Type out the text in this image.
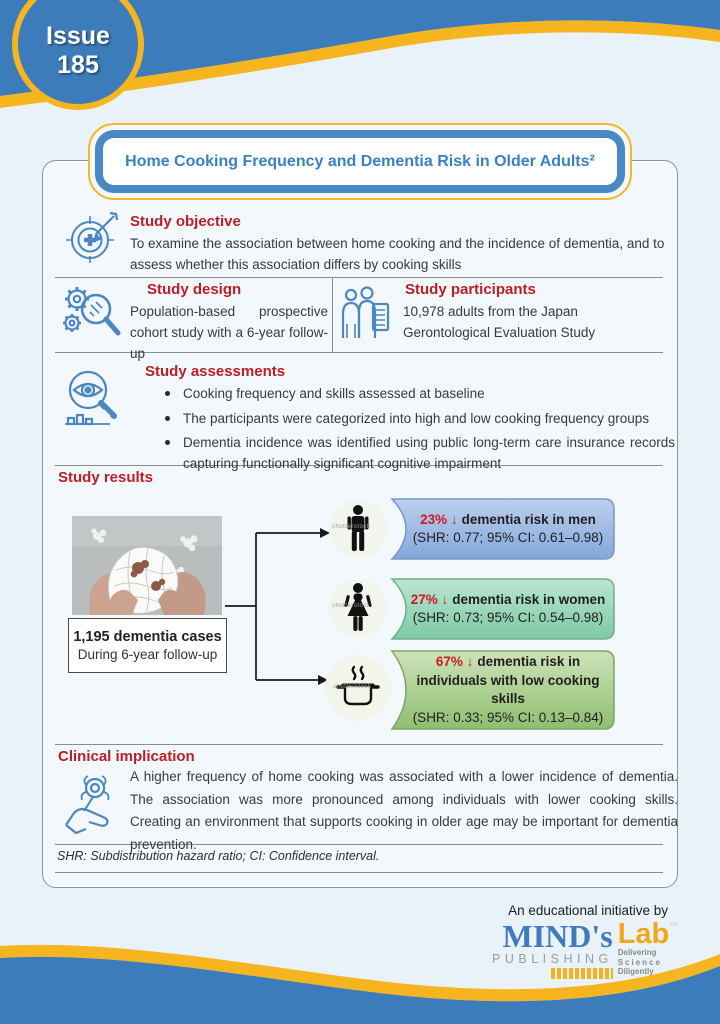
Issue
185
Home Cooking Frequency and Dementia Risk in Older Adults²
Study objective
To examine the association between home cooking and the incidence of dementia, and to assess whether this association differs by cooking skills
Study design
Population-based prospective cohort study with a 6-year follow-up
Study participants
10,978 adults from the Japan Gerontological Evaluation Study
Study assessments
Cooking frequency and skills assessed at baseline
The participants were categorized into high and low cooking frequency groups
Dementia incidence was identified using public long-term care insurance records capturing functionally significant cognitive impairment
Study results
1,195 dementia cases
During 6-year follow-up
shutterstock
shutterstock
shutterstock
23% ↓ dementia risk in men
(SHR: 0.77; 95% CI: 0.61–0.98)
27% ↓ dementia risk in women
(SHR: 0.73; 95% CI: 0.54–0.98)
67% ↓ dementia risk in
individuals with low cooking skills
(SHR: 0.33; 95% CI: 0.13–0.84)
Clinical implication
A higher frequency of home cooking was associated with a lower incidence of dementia. The association was more pronounced among individuals with lower cooking skills. Creating an environment that supports cooking in older age may be important for dementia prevention.
SHR: Subdistribution hazard ratio; CI: Confidence interval.
An educational initiative by
MIND's
PUBLISHING
Lab™
Delivering
Science
Diligently
